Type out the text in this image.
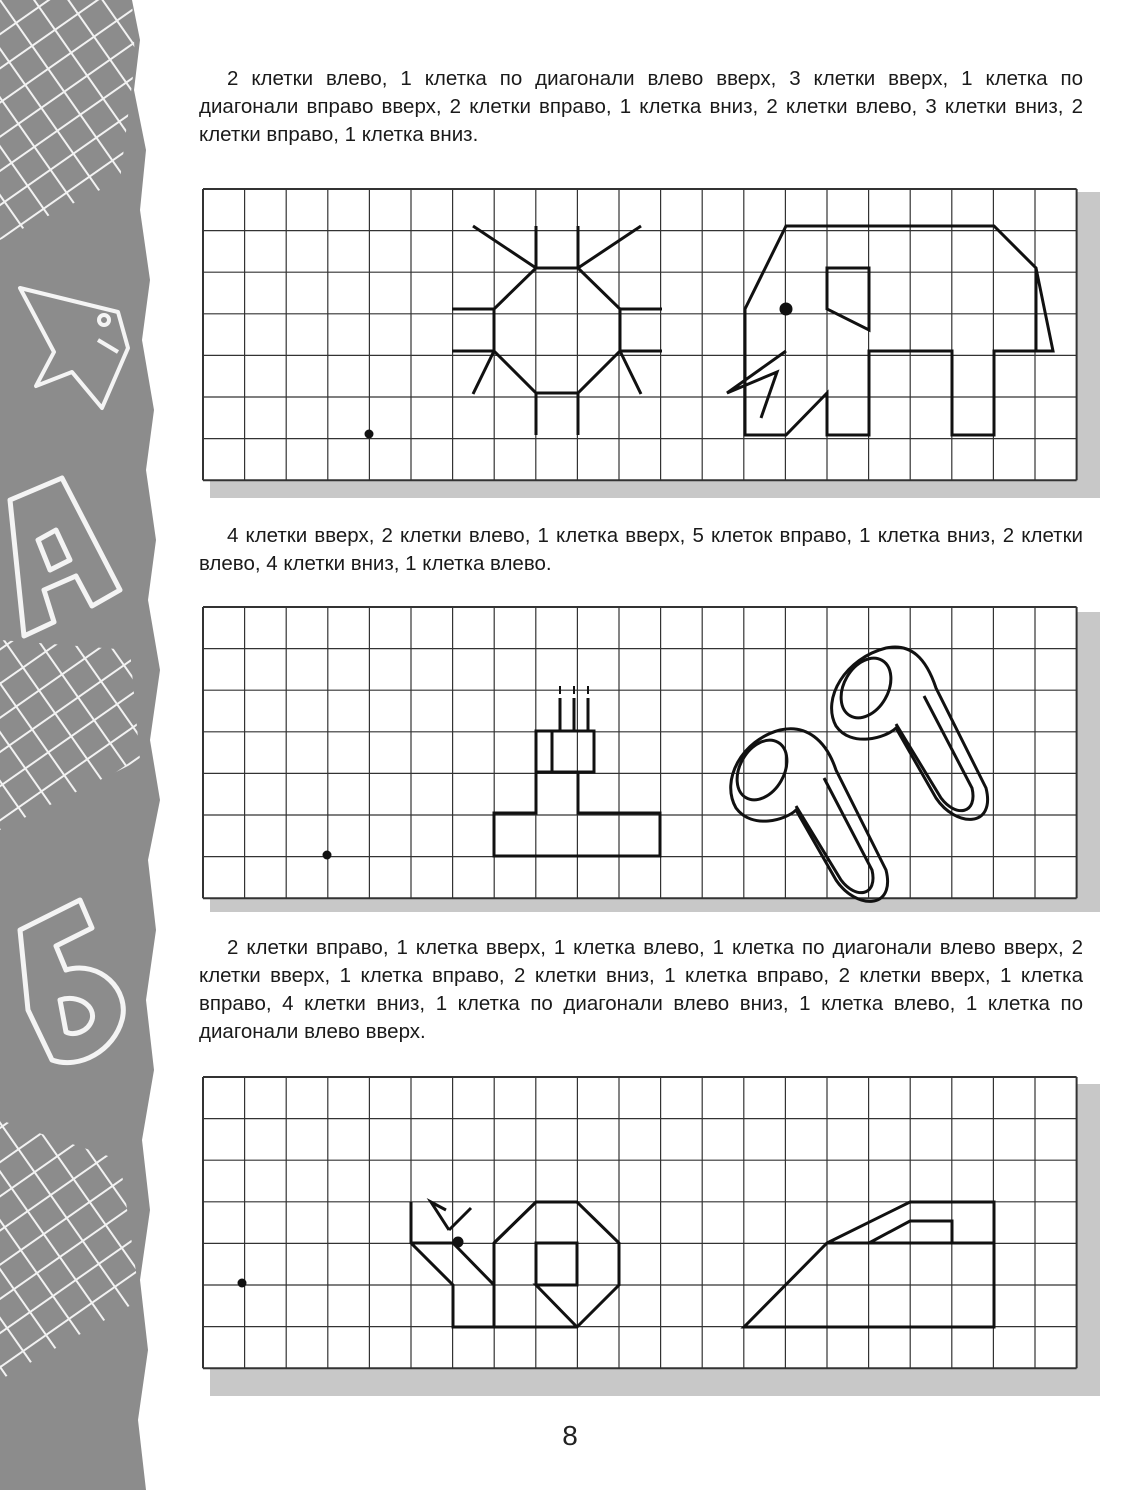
2 клетки влево, 1 клетка по диагонали влево вверх, 3 клетки вверх, 1 клетка по диагонали вправо вверх, 2 клетки вправо, 1 клетка вниз, 2 клетки влево, 3 клетки вниз, 2 клетки вправо, 1 клетка вниз.

4 клетки вверх, 2 клетки влево, 1 клетка вверх, 5 клеток вправо, 1 клетка вниз, 2 клетки влево, 4 клетки вниз, 1 клетка влево.

2 клетки вправо, 1 клетка вверх, 1 клетка влево, 1 клетка по диагонали влево вверх, 2 клетки вверх, 1 клетка вправо, 2 клетки вниз, 1 клетка вправо, 2 клетки вверх, 1 клетка вправо, 4 клетки вниз, 1 клетка по диагонали влево вниз, 1 клетка влево, 1 клетка по диагонали влево вверх.

8
